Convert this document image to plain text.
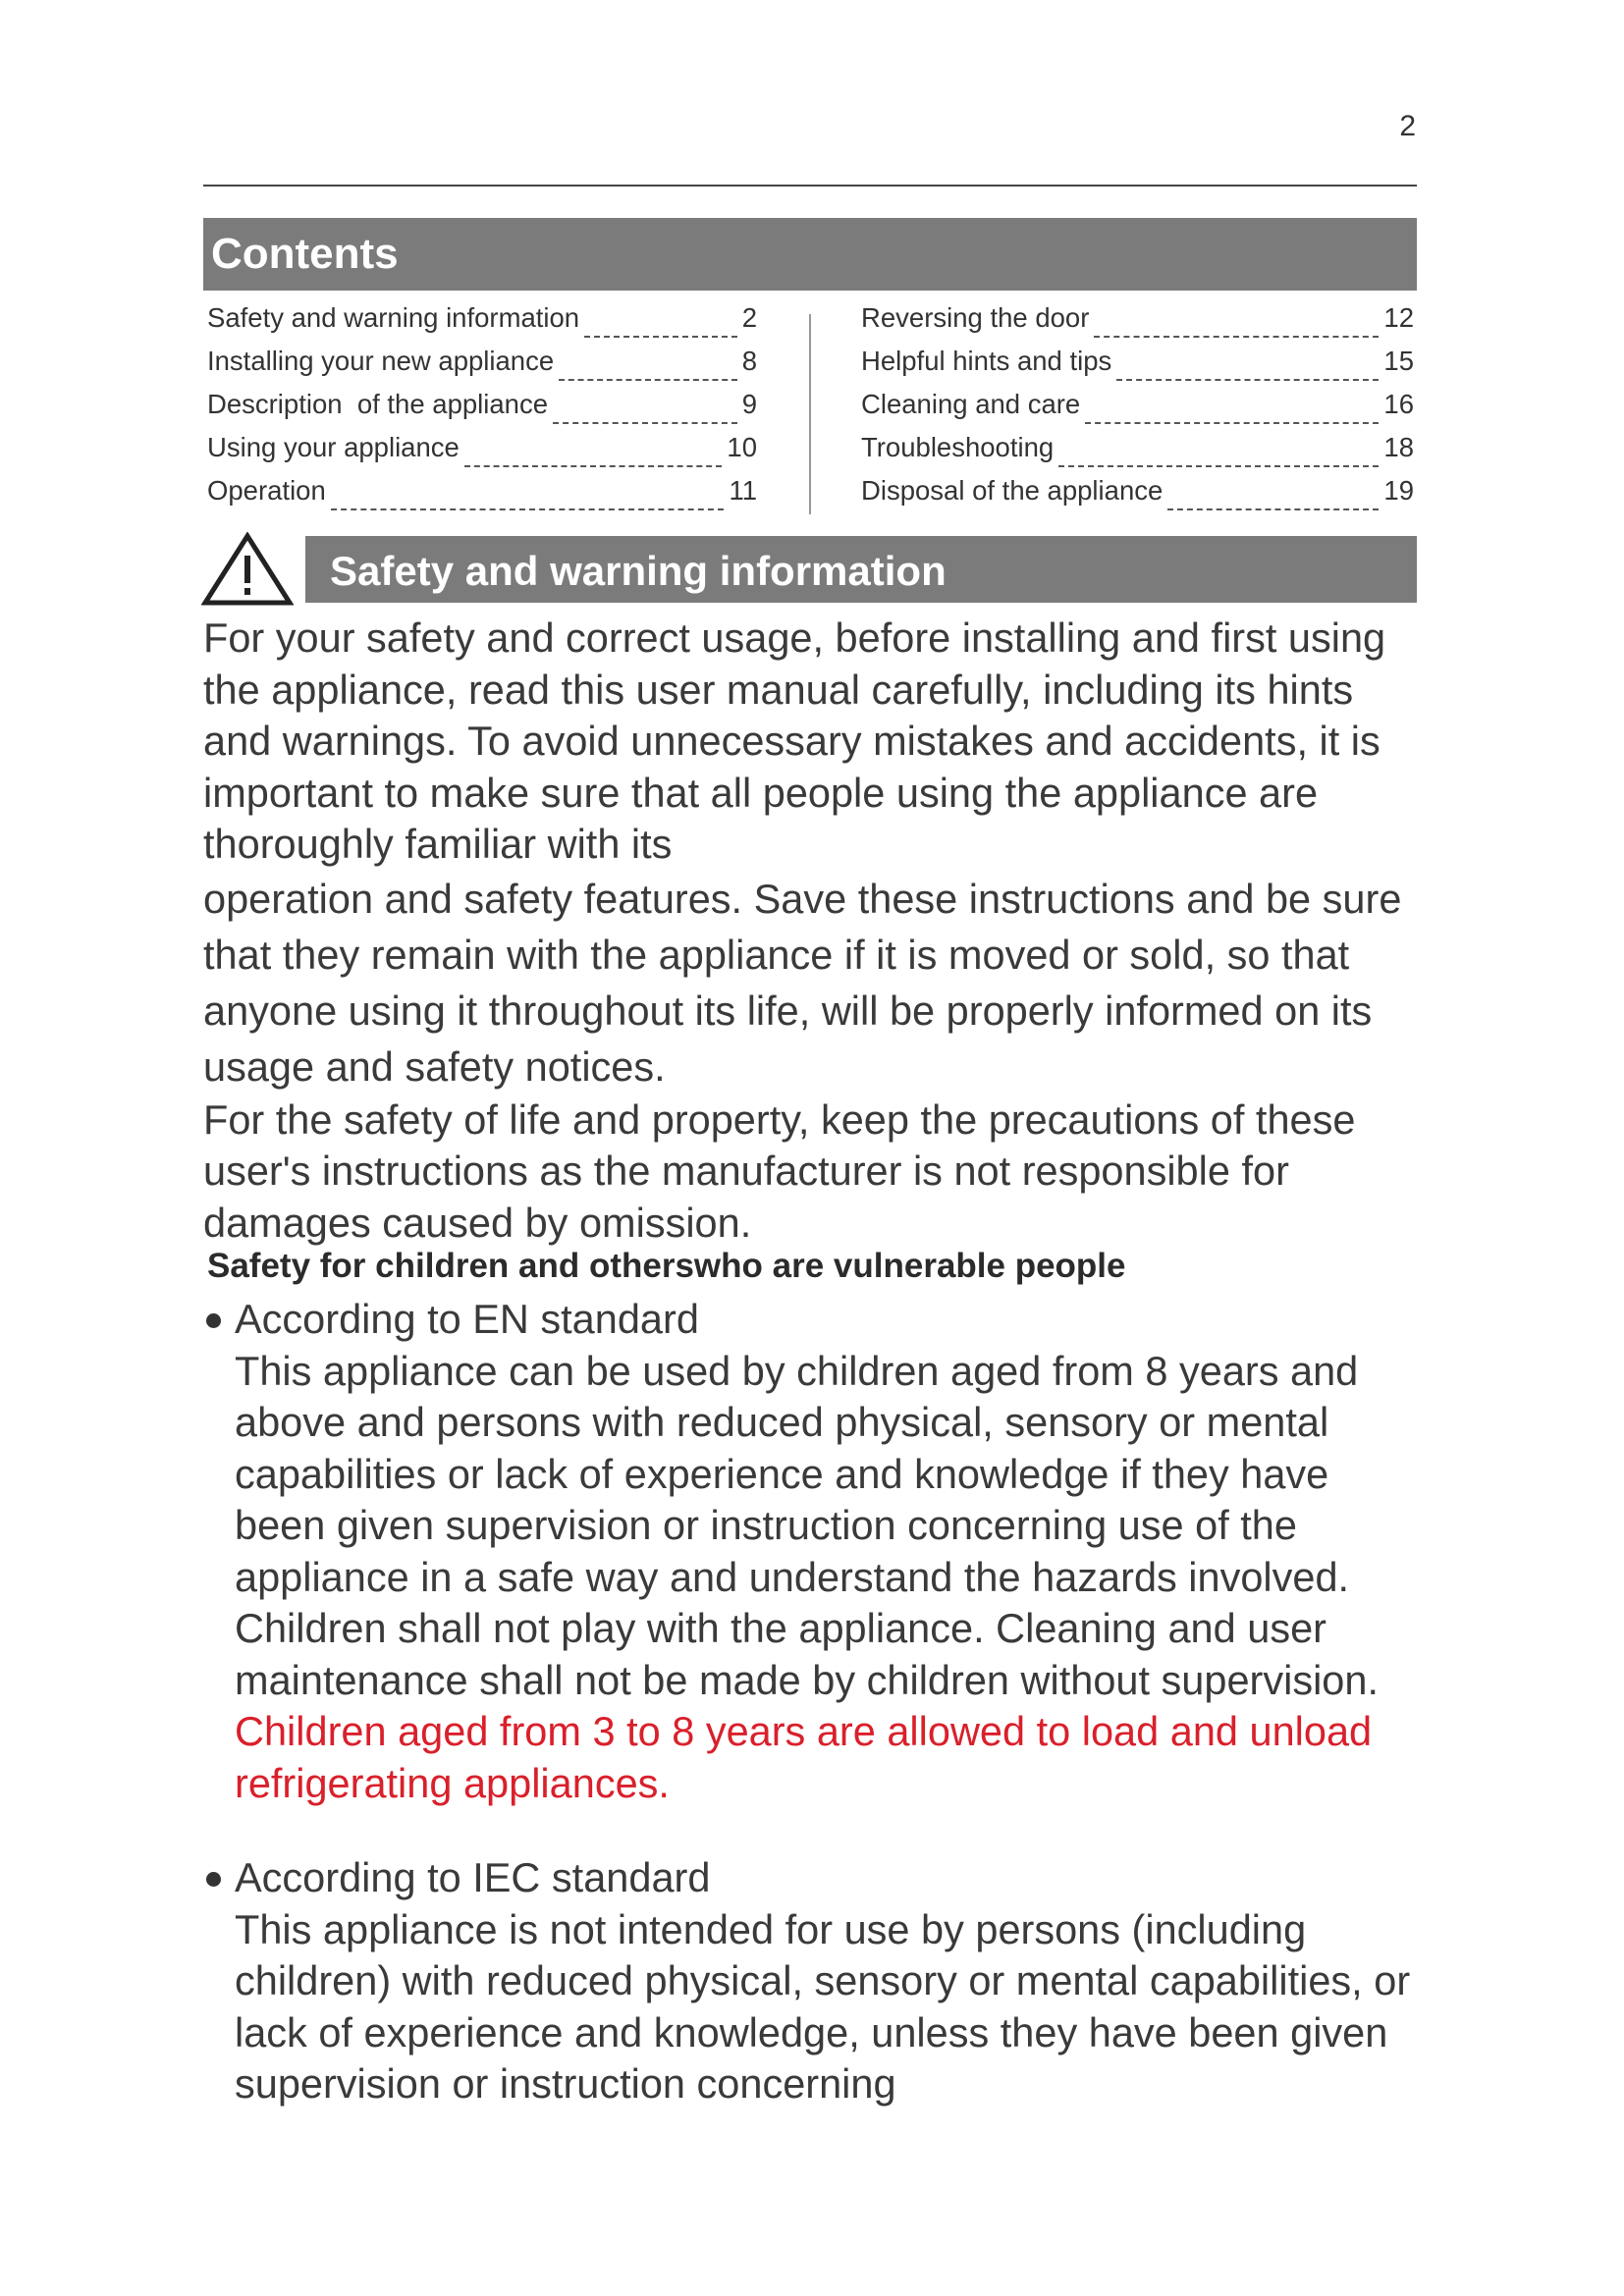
2
Contents
Safety and warning information	2
Installing your new appliance	8
Description  of the appliance	9
Using your appliance	10
Operation	11
Reversing the door	12
Helpful hints and tips	15
Cleaning and care	16
Troubleshooting	18
Disposal of the appliance	19
Safety and warning information

For your safety and correct usage, before installing and first using the appliance, read this user manual carefully, including its hints and warnings. To avoid unnecessary mistakes and accidents, it is important to make sure that all people using the appliance are thoroughly familiar with its

operation and safety features. Save these instructions and be sure that they remain with the appliance if it is moved or sold, so that anyone using it throughout its life, will be properly informed on its usage and safety notices.

For the safety of life and property, keep the precautions of these user's instructions as the manufacturer is not responsible for damages caused by omission.

Safety for children and otherswho are vulnerable people
According to EN standard

This appliance can be used by children aged from 8 years and above and persons with reduced physical, sensory or mental capabilities or lack of experience and knowledge if they have been given supervision or instruction concerning use of the appliance in a safe way and understand the hazards involved. Children shall not play with the appliance. Cleaning and user maintenance shall not be made by children without supervision.

Children aged from 3 to 8 years are allowed to load and unload refrigerating appliances.

According to IEC standard

This appliance is not intended for use by persons (including children) with reduced physical, sensory or mental capabilities, or lack of experience and knowledge, unless they have been given supervision or instruction concerning
